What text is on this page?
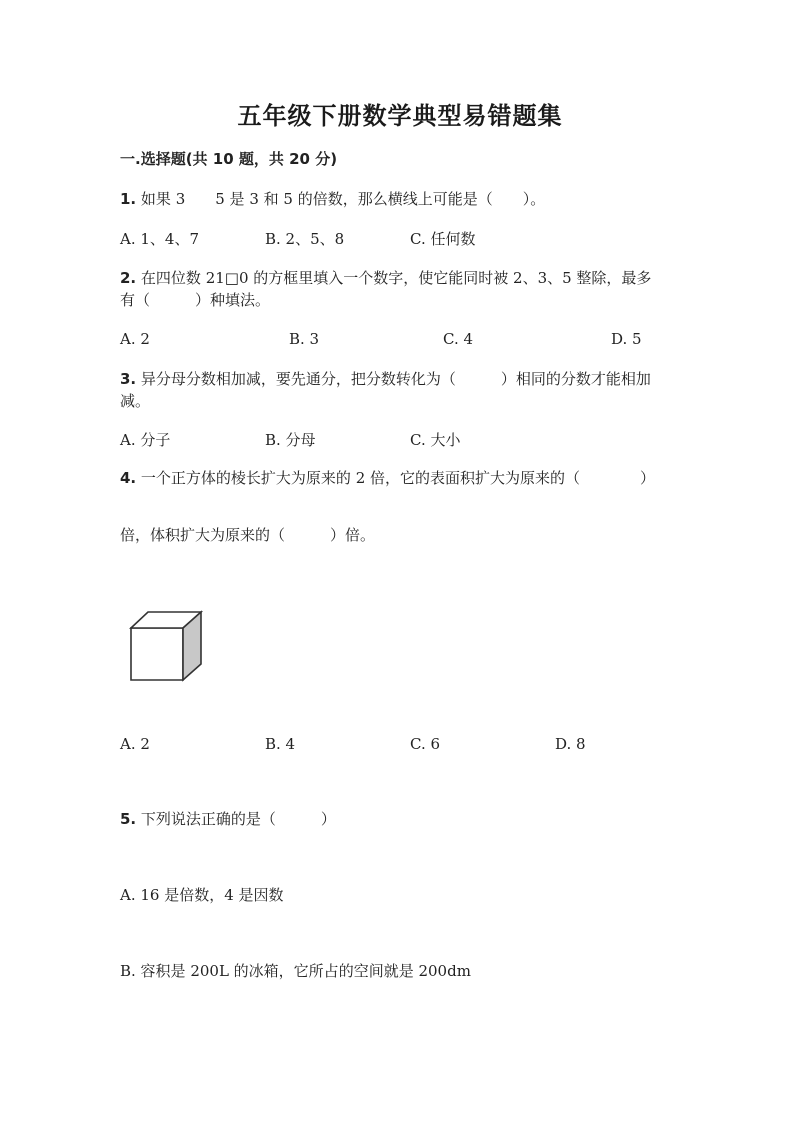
五年级下册数学典型易错题集
一.选择题(共 10 题，共 20 分)
1. 如果 3　　5 是 3 和 5 的倍数，那么横线上可能是（　　）。
A. 1、4、7	B. 2、5、8	C. 任何数
2. 在四位数 21□0 的方框里填入一个数字，使它能同时被 2、3、5 整除，最多
有（　　　）种填法。
A. 2	B. 3	C. 4	D. 5
3. 异分母分数相加减，要先通分，把分数转化为（　　　）相同的分数才能相加
减。
A. 分子	B. 分母	C. 大小
4. 一个正方体的棱长扩大为原来的 2 倍，它的表面积扩大为原来的（　　　　）
倍，体积扩大为原来的（　　　）倍。
A. 2	B. 4	C. 6	D. 8
5. 下列说法正确的是（　　　）
A. 16 是倍数，4 是因数
B. 容积是 200L 的冰箱，它所占的空间就是 200dm
